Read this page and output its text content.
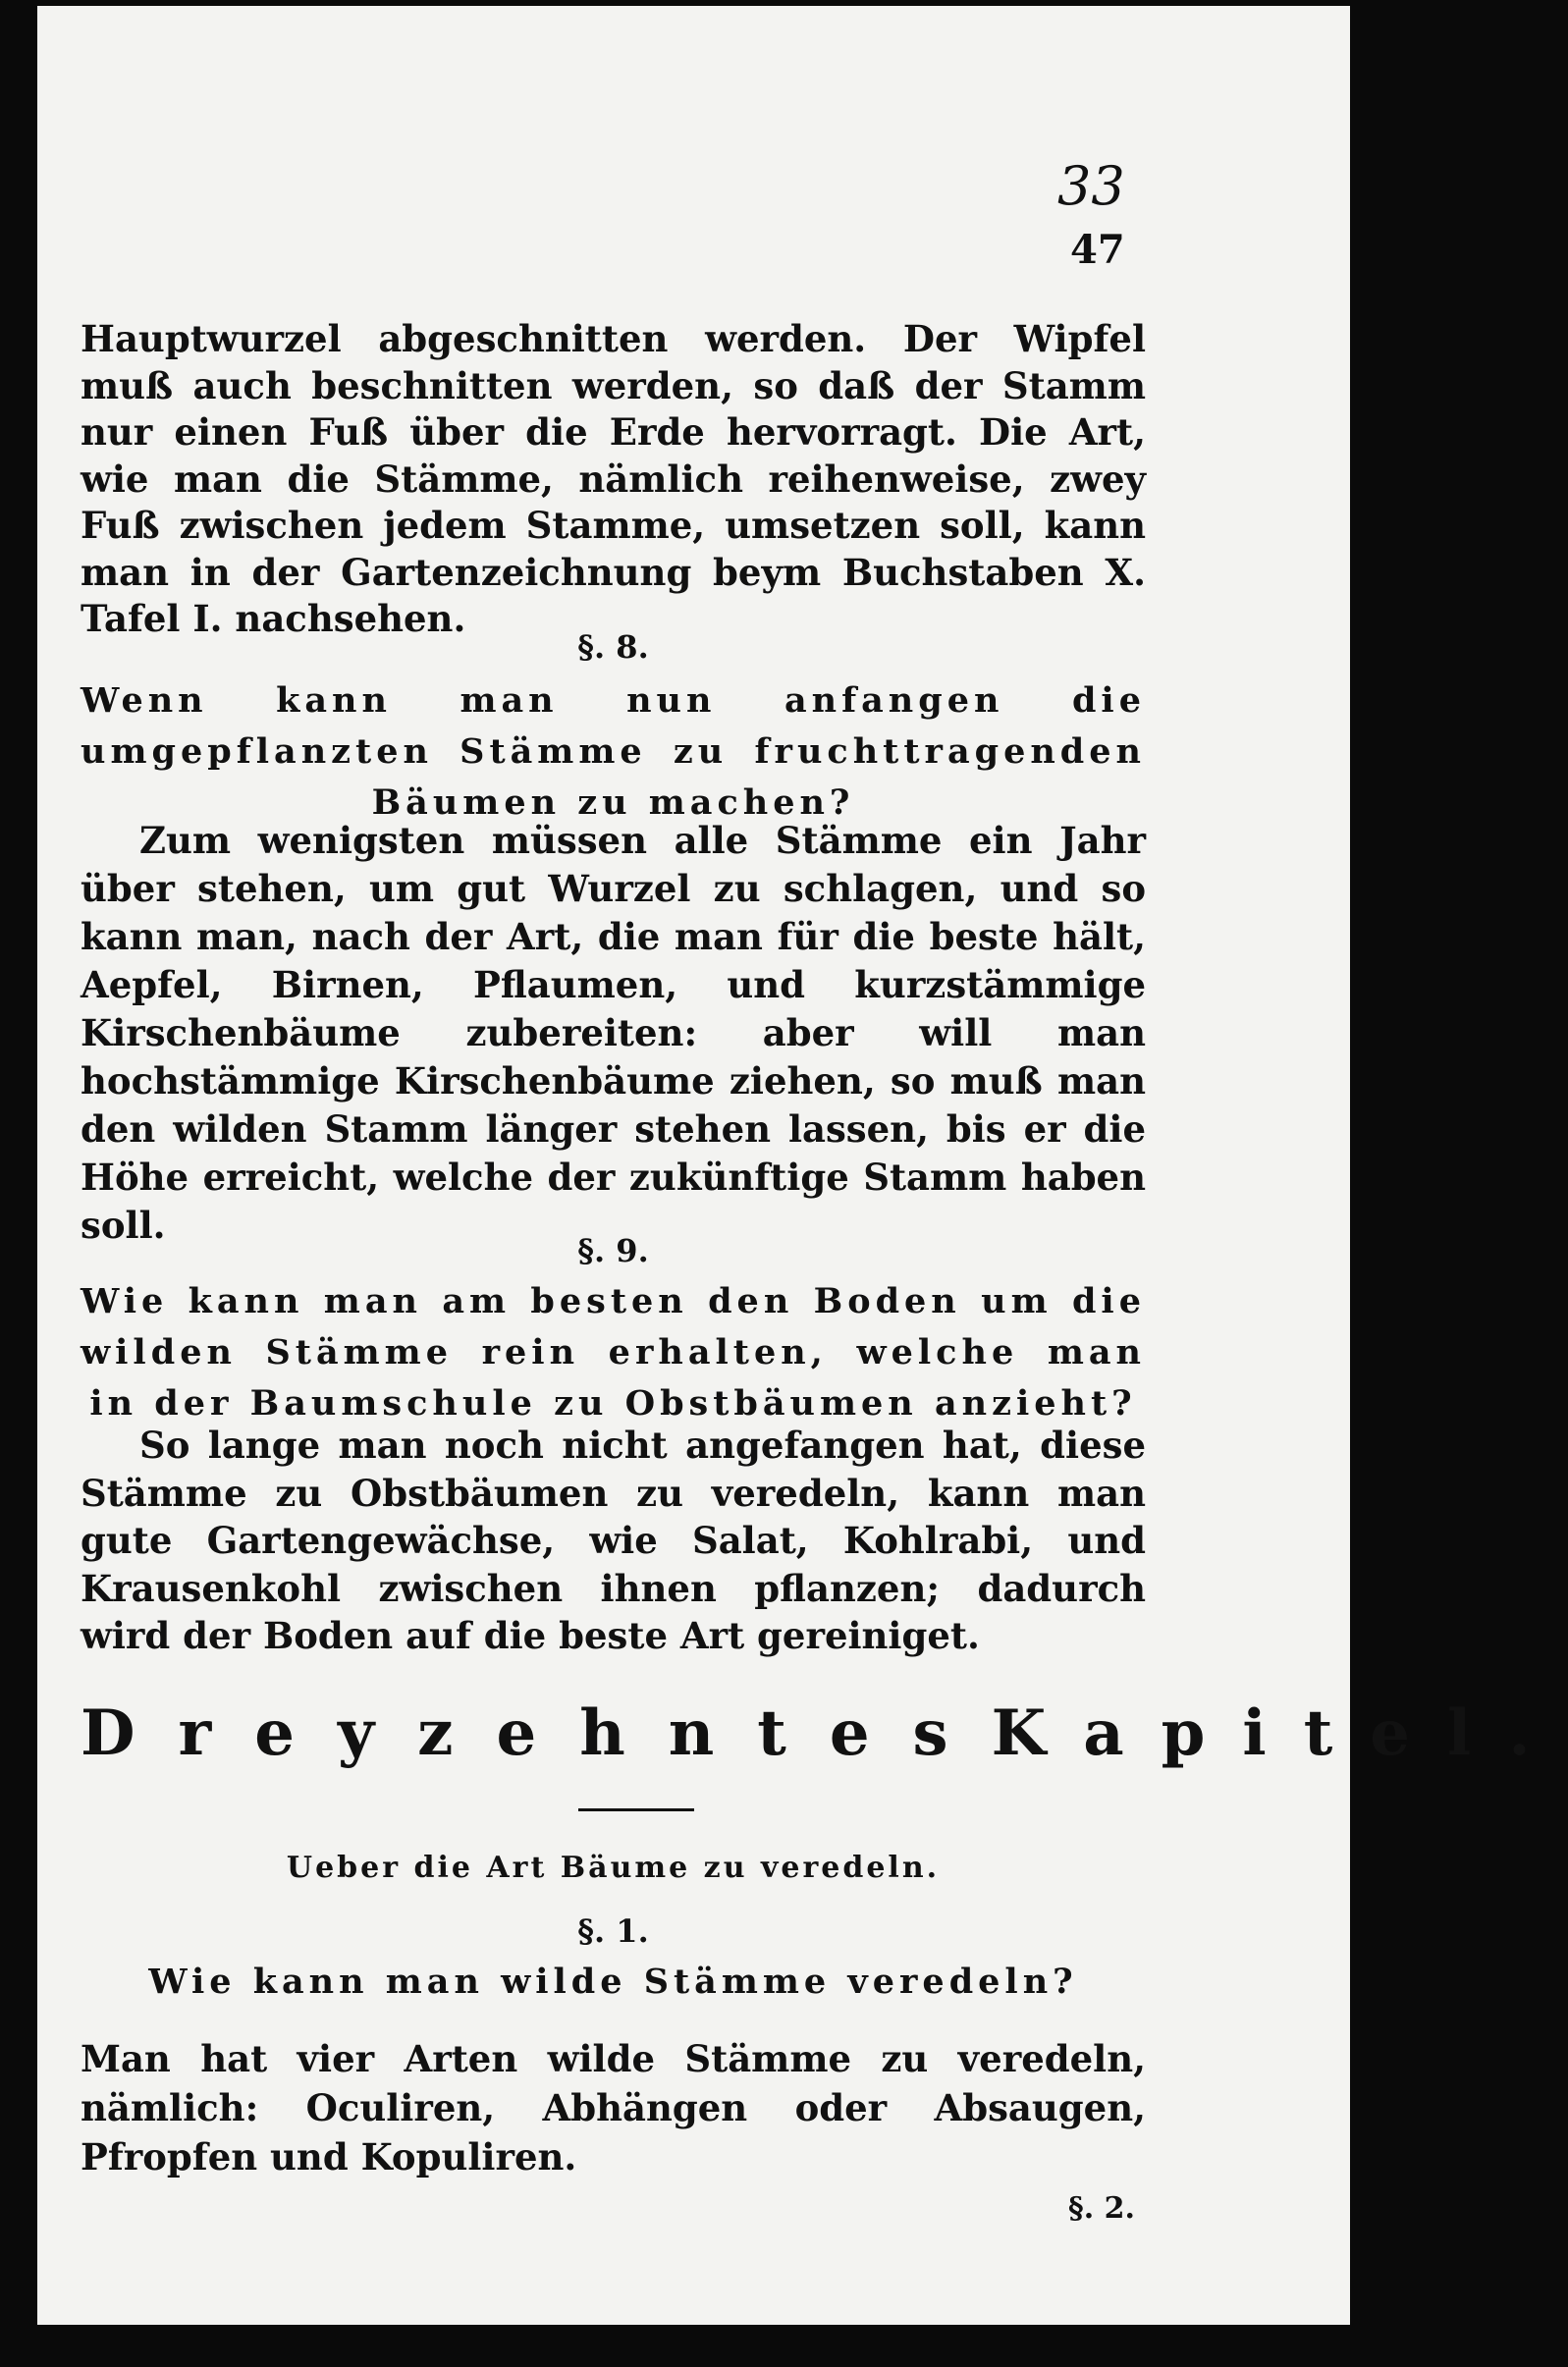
33
47

Hauptwurzel abgeschnitten werden. Der Wipfel muß auch beschnitten werden, so daß der Stamm nur einen Fuß über die Erde hervorragt. Die Art, wie man die Stämme, nämlich reihenweise, zwey Fuß zwischen jedem Stamme, umsetzen soll, kann man in der Gartenzeichnung beym Buchstaben X. Tafel I. nachsehen.

§. 8.

Wenn kann man nun anfangen die umgepflanzten Stämme zu fruchttragenden Bäumen zu machen?

Zum wenigsten müssen alle Stämme ein Jahr über stehen, um gut Wurzel zu schlagen, und so kann man, nach der Art, die man für die beste hält, Aepfel, Birnen, Pflaumen, und kurzstämmige Kirschenbäume zubereiten: aber will man hochstämmige Kirschenbäume ziehen, so muß man den wilden Stamm länger stehen lassen, bis er die Höhe erreicht, welche der zukünftige Stamm haben soll.

§. 9.

Wie kann man am besten den Boden um die wilden Stämme rein erhalten, welche man in der Baumschule zu Obstbäumen anzieht?

So lange man noch nicht angefangen hat, diese Stämme zu Obstbäumen zu veredeln, kann man gute Gartengewächse, wie Salat, Kohlrabi, und Krausenkohl zwischen ihnen pflanzen; dadurch wird der Boden auf die beste Art gereiniget.

Dreyzehntes Kapitel.

Ueber die Art Bäume zu veredeln.

§. 1.

Wie kann man wilde Stämme veredeln?

Man hat vier Arten wilde Stämme zu veredeln, nämlich: Oculiren, Abhängen oder Absaugen, Pfropfen und Kopuliren.

§. 2.
